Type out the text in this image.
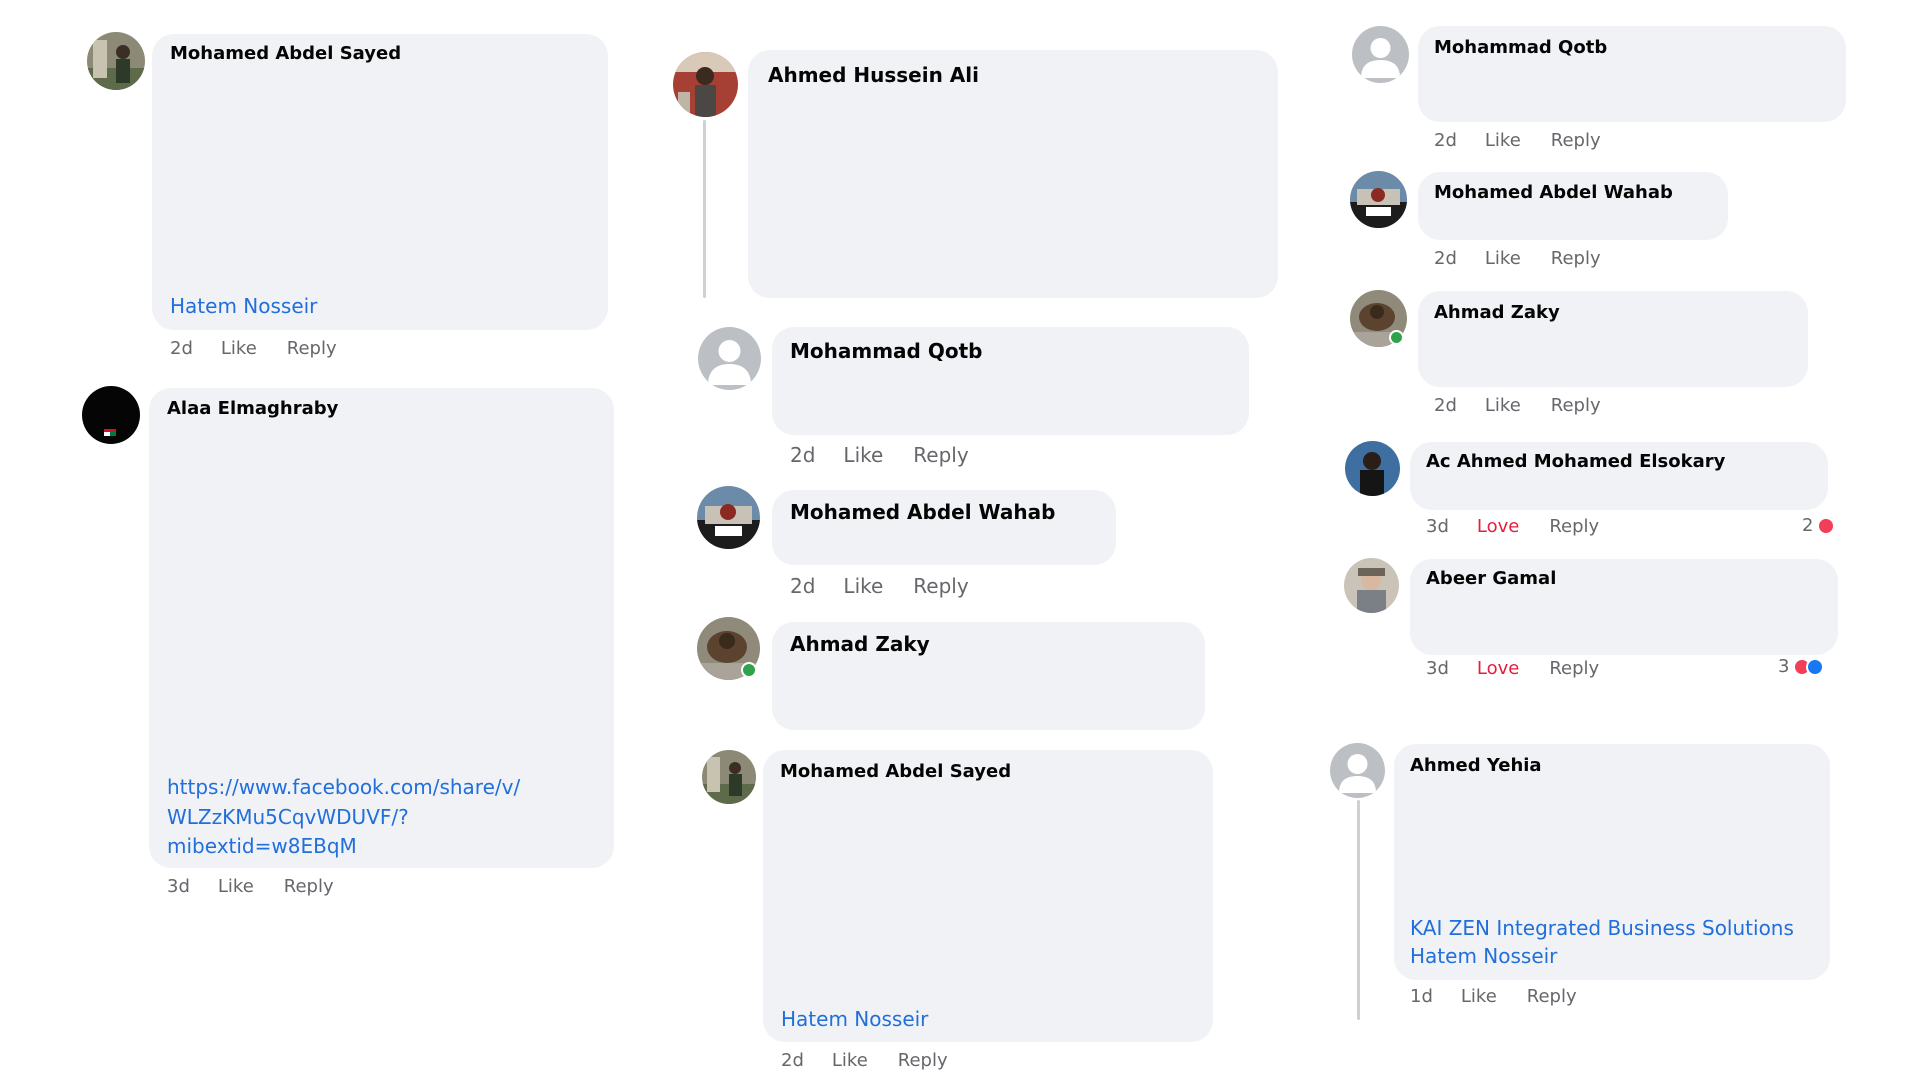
Mohamed Abdel Sayed
Hatem Nosseir
2d Like Reply
Alaa Elmaghraby
https://www.facebook.com/share/v/
WLZzKMu5CqvWDUVF/?
mibextid=w8EBqM
3d Like Reply
Ahmed Hussein Ali
Mohammad Qotb
2d Like Reply
Mohamed Abdel Wahab
2d Like Reply
Ahmad Zaky
Mohamed Abdel Sayed
Hatem Nosseir
2d Like Reply
Mohammad Qotb
2d Like Reply
Mohamed Abdel Wahab
2d Like Reply
Ahmad Zaky
2d Like Reply
Ac Ahmed Mohamed Elsokary
3d Love Reply	2
Abeer Gamal
3d Love Reply	3
Ahmed Yehia
KAI ZEN Integrated Business Solutions
Hatem Nosseir
1d Like Reply
